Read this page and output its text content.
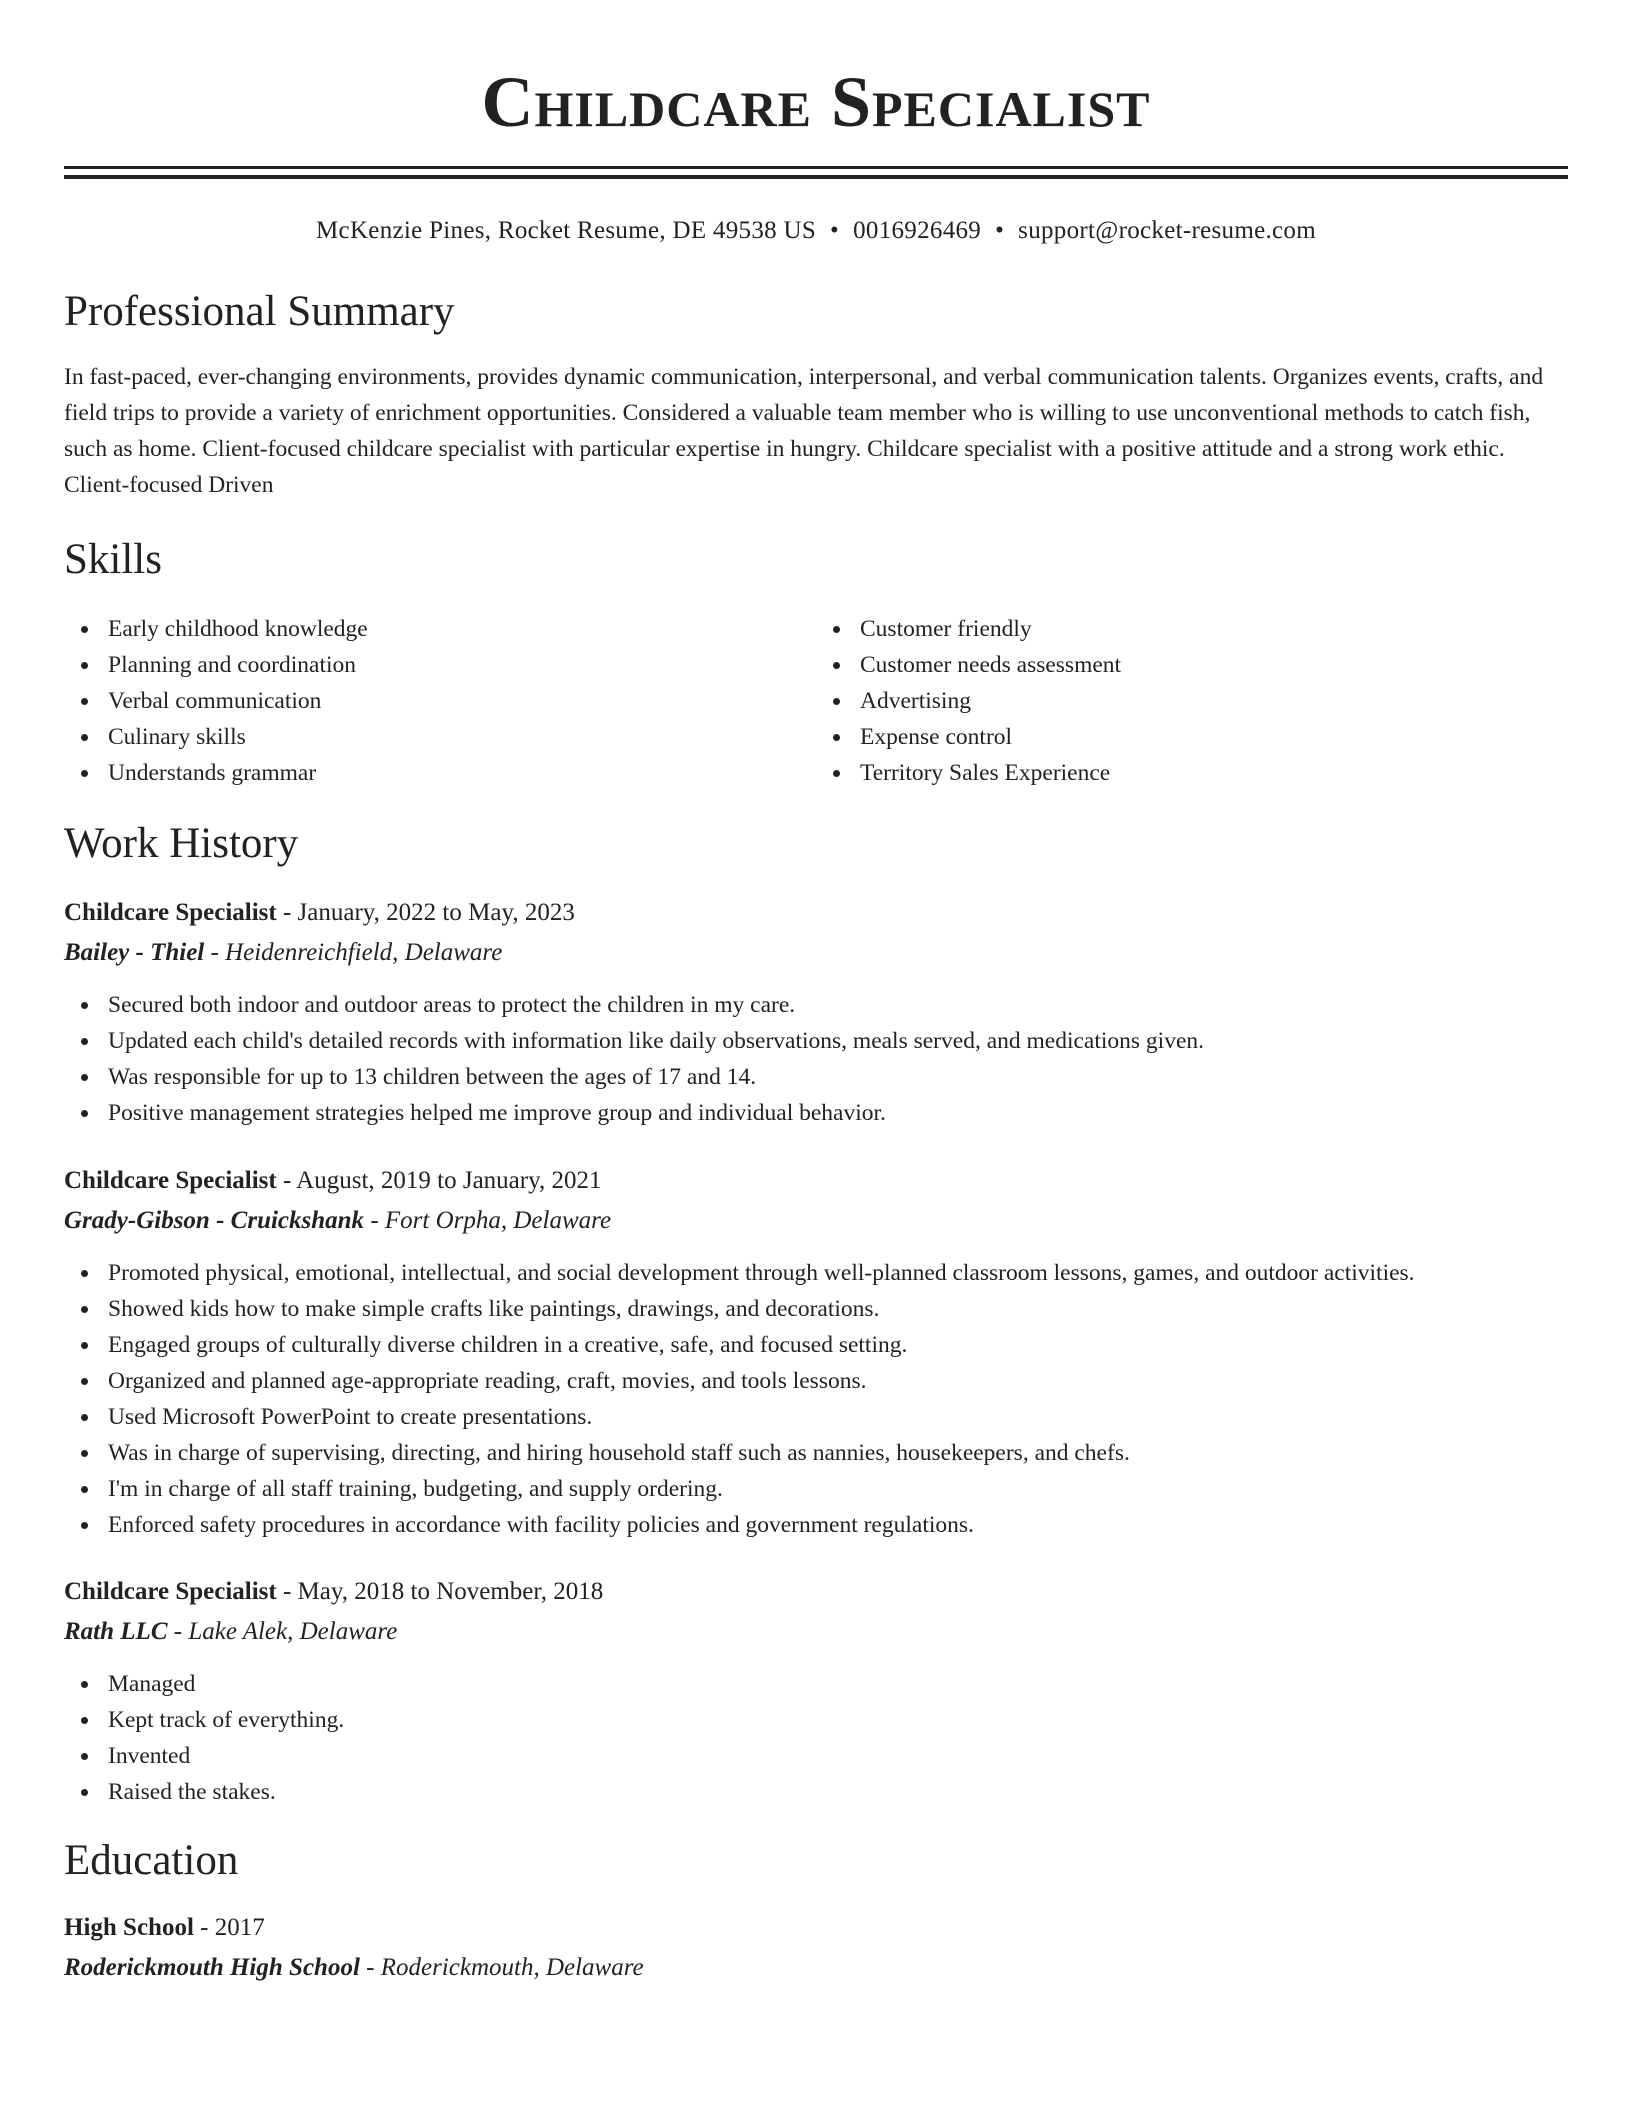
Childcare Specialist
McKenzie Pines, Rocket Resume, DE 49538 US • 0016926469 • support@rocket-resume.com
Professional Summary

In fast-paced, ever-changing environments, provides dynamic communication, interpersonal, and verbal communication talents. Organizes events, crafts, and field trips to provide a variety of enrichment opportunities. Considered a valuable team member who is willing to use unconventional methods to catch fish, such as home. Client-focused childcare specialist with particular expertise in hungry. Childcare specialist with a positive attitude and a strong work ethic. Client-focused Driven

Skills
Early childhood knowledge
Planning and coordination
Verbal communication
Culinary skills
Understands grammar
Customer friendly
Customer needs assessment
Advertising
Expense control
Territory Sales Experience
Work History
Childcare Specialist - January, 2022 to May, 2023
Bailey - Thiel - Heidenreichfield, Delaware
Secured both indoor and outdoor areas to protect the children in my care.
Updated each child's detailed records with information like daily observations, meals served, and medications given.
Was responsible for up to 13 children between the ages of 17 and 14.
Positive management strategies helped me improve group and individual behavior.
Childcare Specialist - August, 2019 to January, 2021
Grady-Gibson - Cruickshank - Fort Orpha, Delaware
Promoted physical, emotional, intellectual, and social development through well-planned classroom lessons, games, and outdoor activities.
Showed kids how to make simple crafts like paintings, drawings, and decorations.
Engaged groups of culturally diverse children in a creative, safe, and focused setting.
Organized and planned age-appropriate reading, craft, movies, and tools lessons.
Used Microsoft PowerPoint to create presentations.
Was in charge of supervising, directing, and hiring household staff such as nannies, housekeepers, and chefs.
I'm in charge of all staff training, budgeting, and supply ordering.
Enforced safety procedures in accordance with facility policies and government regulations.
Childcare Specialist - May, 2018 to November, 2018
Rath LLC - Lake Alek, Delaware
Managed
Kept track of everything.
Invented
Raised the stakes.
Education
High School - 2017
Roderickmouth High School - Roderickmouth, Delaware
